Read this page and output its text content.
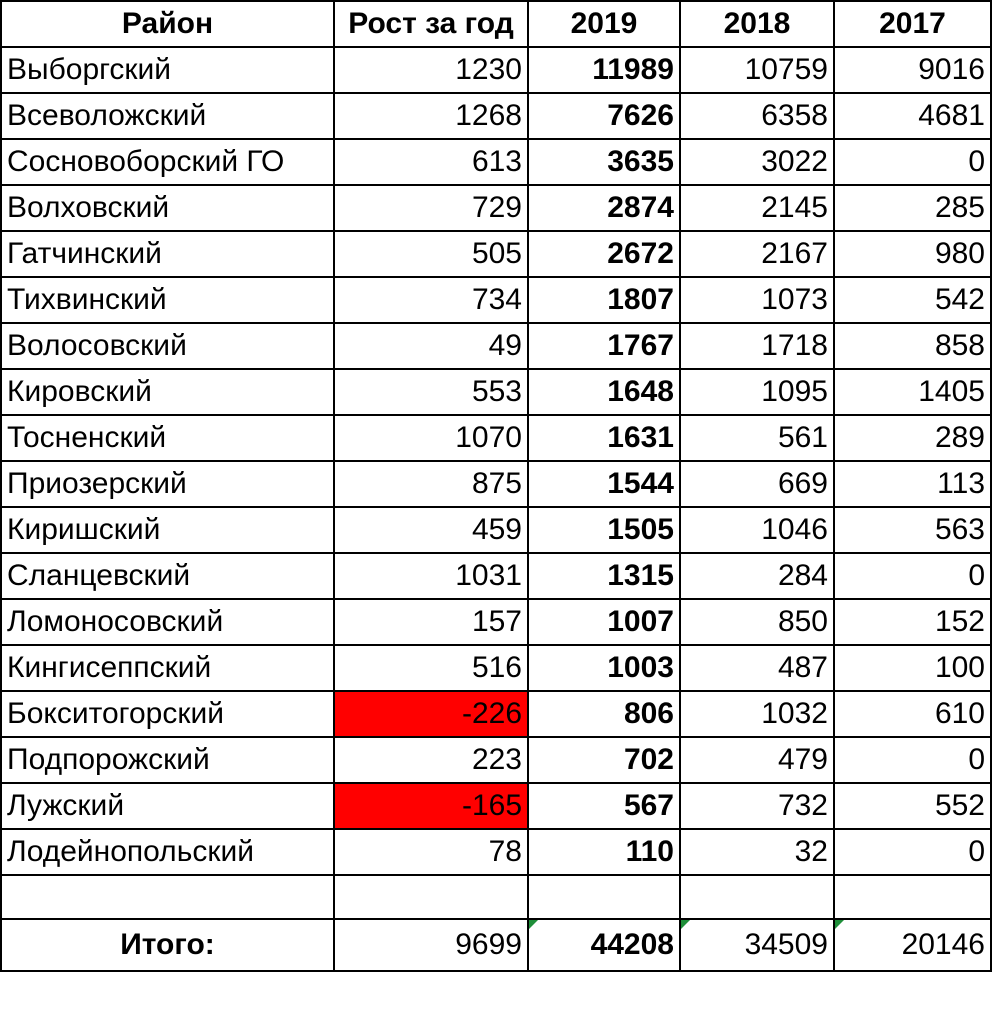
Район	Рост за год	2019	2018	2017
Выборгский	1230	11989	10759	9016
Всеволожский	1268	7626	6358	4681
Сосновоборский ГО	613	3635	3022	0
Волховский	729	2874	2145	285
Гатчинский	505	2672	2167	980
Тихвинский	734	1807	1073	542
Волосовский	49	1767	1718	858
Кировский	553	1648	1095	1405
Тосненский	1070	1631	561	289
Приозерский	875	1544	669	113
Киришский	459	1505	1046	563
Сланцевский	1031	1315	284	0
Ломоносовский	157	1007	850	152
Кингисеппский	516	1003	487	100
Бокситогорский	-226	806	1032	610
Подпорожский	223	702	479	0
Лужский	-165	567	732	552
Лодейнопольский	78	110	32	0

Итого:	9699	44208	34509	20146
